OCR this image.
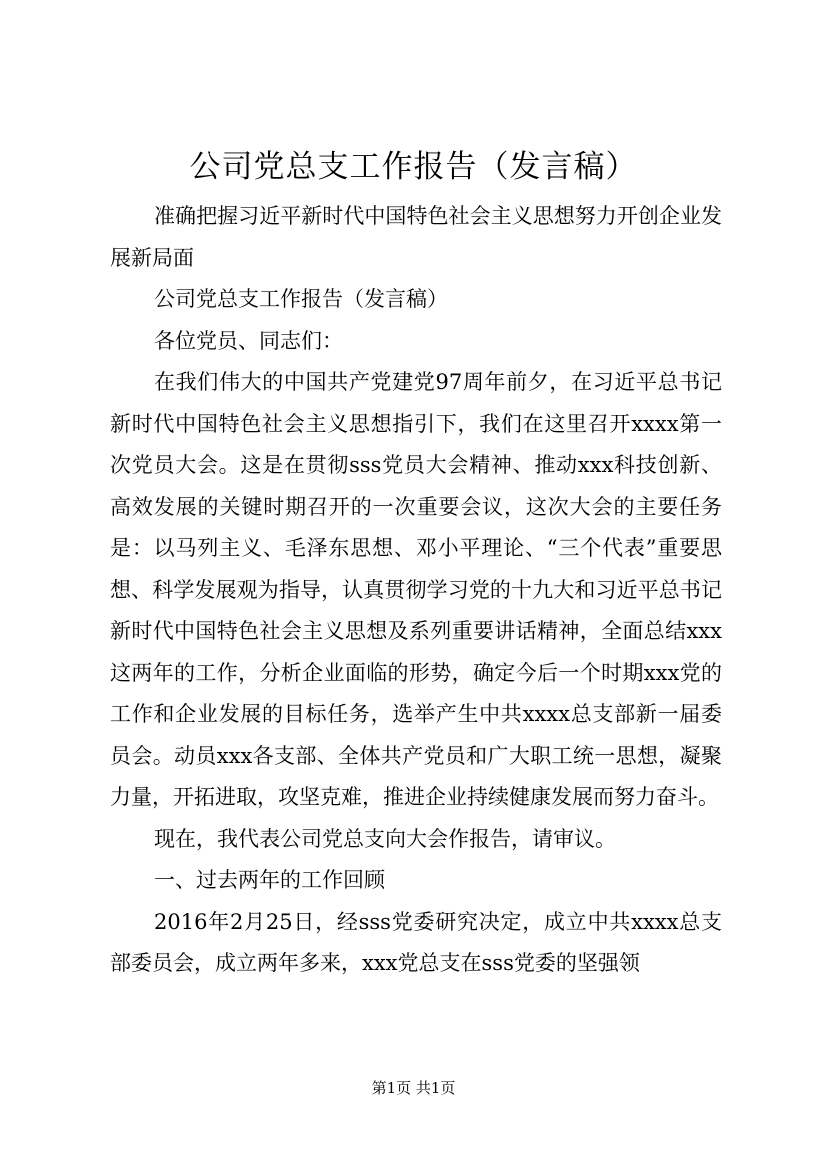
公司党总支工作报告（发言稿）

准确把握习近平新时代中国特色社会主义思想努力开创企业发展新局面

公司党总支工作报告（发言稿）

各位党员、同志们：

在我们伟大的中国共产党建党97周年前夕，在习近平总书记新时代中国特色社会主义思想指引下，我们在这里召开xxxx第一次党员大会。这是在贯彻sss党员大会精神、推动xxx科技创新、高效发展的关键时期召开的一次重要会议，这次大会的主要任务是：以马列主义、毛泽东思想、邓小平理论、“三个代表”重要思想、科学发展观为指导，认真贯彻学习党的十九大和习近平总书记新时代中国特色社会主义思想及系列重要讲话精神，全面总结xxx这两年的工作，分析企业面临的形势，确定今后一个时期xxx党的工作和企业发展的目标任务，选举产生中共xxxx总支部新一届委员会。动员xxx各支部、全体共产党员和广大职工统一思想，凝聚力量，开拓进取，攻坚克难，推进企业持续健康发展而努力奋斗。

现在，我代表公司党总支向大会作报告，请审议。

一、过去两年的工作回顾

2016年2月25日，经sss党委研究决定，成立中共xxxx总支部委员会，成立两年多来，xxx党总支在sss党委的坚强领

第1页 共1页
